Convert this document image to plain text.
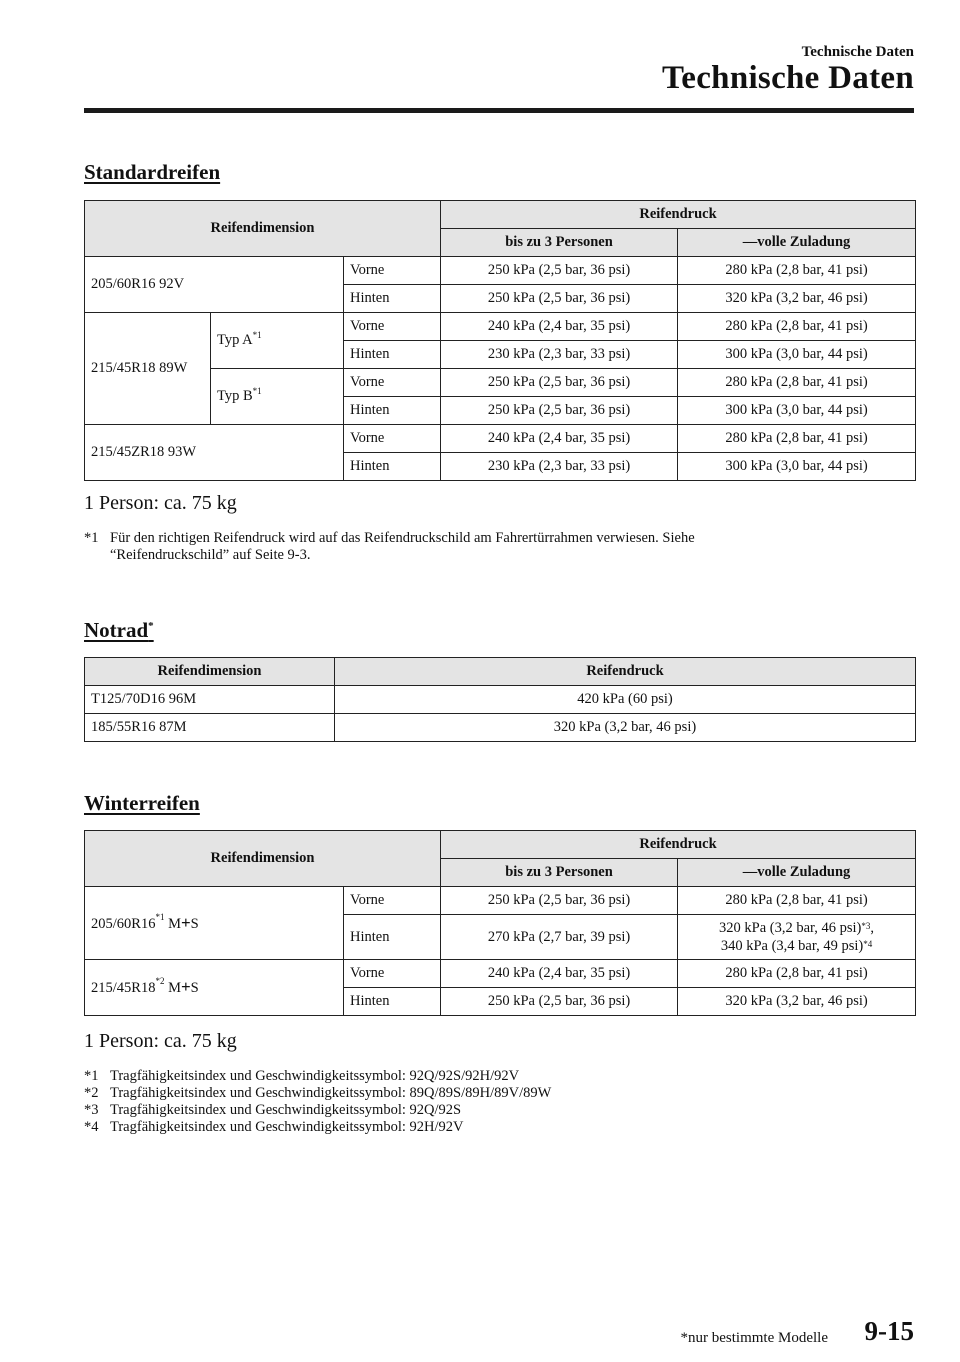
Technische Daten
Technische Daten
Standardreifen
Reifendimension			Reifendruck	
			bis zu 3 Personen	—volle Zuladung
205/60R16 92V		Vorne	250 kPa (2,5 bar, 36 psi)	280 kPa (2,8 bar, 41 psi)
		Hinten	250 kPa (2,5 bar, 36 psi)	320 kPa (3,2 bar, 46 psi)
215/45R18 89W	Typ $A^{*1}$	Vorne	240 kPa (2,4 bar, 35 psi)	280 kPa (2,8 bar, 41 psi)
		Hinten	230 kPa (2,3 bar, 33 psi)	300 kPa (3,0 bar, 44 psi)
	Typ $B^{*1}$	Vorne	250 kPa (2,5 bar, 36 psi)	280 kPa (2,8 bar, 41 psi)
		Hinten	250 kPa (2,5 bar, 36 psi)	300 kPa (3,0 bar, 44 psi)
215/45ZR18 93W		Vorne	240 kPa (2,4 bar, 35 psi)	280 kPa (2,8 bar, 41 psi)
		Hinten	230 kPa (2,3 bar, 33 psi)	300 kPa (3,0 bar, 44 psi)
1 Person: ca. 75 kg
*1 Für den richtigen Reifendruck wird auf das Reifendruckschild am Fahrertürrahmen verwiesen. Siehe
“Reifendruckschild” auf Seite 9-3.
Notrad*
Reifendimension	Reifendruck
T125/70D16 96M	420 kPa (60 psi)
185/55R16 87M	320 kPa (3,2 bar, 46 psi)
Winterreifen
Reifendimension		Reifendruck	
		bis zu 3 Personen	—volle Zuladung
205/60R16$^{*1}$ M+S	Vorne	250 kPa (2,5 bar, 36 psi)	280 kPa (2,8 bar, 41 psi)
	Hinten	270 kPa (2,7 bar, 39 psi)	320 kPa (3,2 bar, 46 psi)$^{*3}$,
340 kPa (3,4 bar, 49 psi)$^{*4}$
215/45R18$^{*2}$ M+S	Vorne	240 kPa (2,4 bar, 35 psi)	280 kPa (2,8 bar, 41 psi)
	Hinten	250 kPa (2,5 bar, 36 psi)	320 kPa (3,2 bar, 46 psi)
1 Person: ca. 75 kg
*1 Tragfähigkeitsindex und Geschwindigkeitssymbol: 92Q/92S/92H/92V
*2 Tragfähigkeitsindex und Geschwindigkeitssymbol: 89Q/89S/89H/89V/89W
*3 Tragfähigkeitsindex und Geschwindigkeitssymbol: 92Q/92S
*4 Tragfähigkeitsindex und Geschwindigkeitssymbol: 92H/92V
*nur bestimmte Modelle 9-15
